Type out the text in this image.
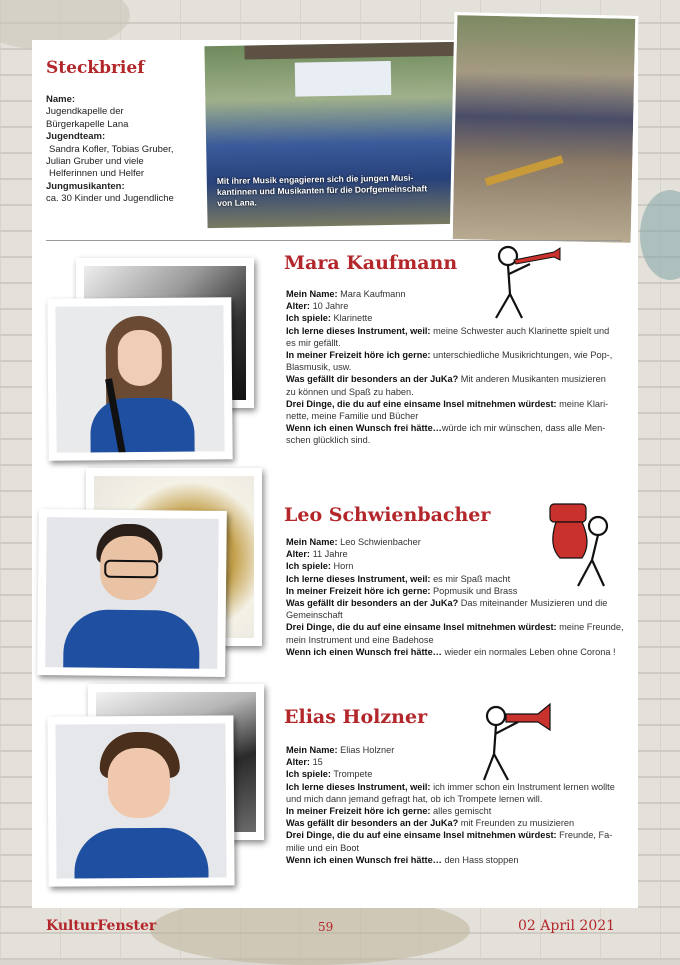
Steckbrief
Name:
Jugendkapelle der
Bürgerkapelle Lana
Jugendteam:
Sandra Kofler, Tobias Gruber,
Julian Gruber und viele
Helferinnen und Helfer
Jungmusikanten:
ca. 30 Kinder und Jugendliche
Mit ihrer Musik engagieren sich die jungen Musi-
kantinnen und Musikanten für die Dorfgemeinschaft
von Lana.
Mara Kaufmann
Mein Name: Mara Kaufmann
Alter: 10 Jahre
Ich spiele: Klarinette
Ich lerne dieses Instrument, weil: meine Schwester auch Klarinette spielt und
es mir gefällt.
In meiner Freizeit höre ich gerne: unterschiedliche Musikrichtungen, wie Pop-,
Blasmusik, usw.
Was gefällt dir besonders an der JuKa? Mit anderen Musikanten musizieren
zu können und Spaß zu haben.
Drei Dinge, die du auf eine einsame Insel mitnehmen würdest: meine Klari-
nette, meine Familie und Bücher
Wenn ich einen Wunsch frei hätte…würde ich mir wünschen, dass alle Men-
schen glücklich sind.
Leo Schwienbacher
Mein Name: Leo Schwienbacher
Alter: 11 Jahre
Ich spiele: Horn
Ich lerne dieses Instrument, weil: es mir Spaß macht
In meiner Freizeit höre ich gerne: Popmusik und Brass
Was gefällt dir besonders an der JuKa? Das miteinander Musizieren und die
Gemeinschaft
Drei Dinge, die du auf eine einsame Insel mitnehmen würdest: meine Freunde,
mein Instrument und eine Badehose
Wenn ich einen Wunsch frei hätte… wieder ein normales Leben ohne Corona !
Elias Holzner
Mein Name: Elias Holzner
Alter: 15
Ich spiele: Trompete
Ich lerne dieses Instrument, weil: ich immer schon ein Instrument lernen wollte
und mich dann jemand gefragt hat, ob ich Trompete lernen will.
In meiner Freizeit höre ich gerne: alles gemischt
Was gefällt dir besonders an der JuKa? mit Freunden zu musizieren
Drei Dinge, die du auf eine einsame Insel mitnehmen würdest: Freunde, Fa-
milie und ein Boot
Wenn ich einen Wunsch frei hätte… den Hass stoppen
KulturFenster	59	02 April 2021
